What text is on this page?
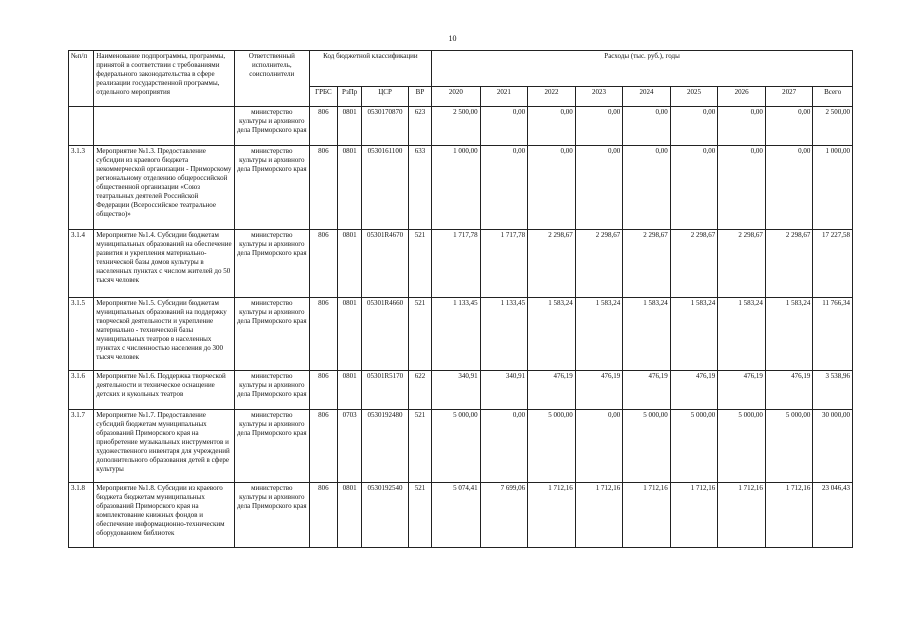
10
№п/п	Наименование подпрограммы, программы, принятой в соответствии с требованиями федерального законодательства в сфере реализации государственной программы, отдельного мероприятия	Ответственный исполнитель, соисполнители	Код бюджетной классификации				Расходы (тыс. руб.), годы								
			ГРБС	РзПр	ЦСР	ВР	2020	2021	2022	2023	2024	2025	2026	2027	Всего
		министерство культуры и архивного дела Приморского края	806	0801	0530170870	623	2 500,00	0,00	0,00	0,00	0,00	0,00	0,00	0,00	2 500,00
3.1.3	Мероприятие №1.3. Предоставление субсидии из краевого бюджета некоммерческой организации - Приморскому региональному отделению общероссийской общественной организации «Союз театральных деятелей Российской Федерации (Всероссийское театральное общество)»	министерство культуры и архивного дела Приморского края	806	0801	0530161100	633	1 000,00	0,00	0,00	0,00	0,00	0,00	0,00	0,00	1 000,00
3.1.4	Мероприятие №1.4. Субсидии бюджетам муниципальных образований на обеспечение развития и укрепления материально-технической базы домов культуры в населенных пунктах с числом жителей до 50 тысяч человек	министерство культуры и архивного дела Приморского края	806	0801	05301R4670	521	1 717,78	1 717,78	2 298,67	2 298,67	2 298,67	2 298,67	2 298,67	2 298,67	17 227,58
3.1.5	Мероприятие №1.5. Субсидии бюджетам муниципальных образований на поддержку творческой деятельности и укрепление материально - технической базы муниципальных театров в населенных пунктах с численностью населения до 300 тысяч человек	министерство культуры и архивного дела Приморского края	806	0801	05301R4660	521	1 133,45	1 133,45	1 583,24	1 583,24	1 583,24	1 583,24	1 583,24	1 583,24	11 766,34
3.1.6	Мероприятие №1.6. Поддержка творческой деятельности и техническое оснащение детских и кукольных театров	министерство культуры и архивного дела Приморского края	806	0801	05301R5170	622	340,91	340,91	476,19	476,19	476,19	476,19	476,19	476,19	3 538,96
3.1.7	Мероприятие №1.7. Предоставление субсидий бюджетам муниципальных образований Приморского края на приобретение музыкальных инструментов и художественного инвентаря для учреждений дополнительного образования детей в сфере культуры	министерство культуры и архивного дела Приморского края	806	0703	0530192480	521	5 000,00	0,00	5 000,00	0,00	5 000,00	5 000,00	5 000,00	5 000,00	30 000,00
3.1.8	Мероприятие №1.8. Субсидии из краевого бюджета бюджетам муниципальных образований Приморского края на комплектование книжных фондов и обеспечение информационно-техническим оборудованием библиотек	министерство культуры и архивного дела Приморского края	806	0801	0530192540	521	5 074,41	7 699,06	1 712,16	1 712,16	1 712,16	1 712,16	1 712,16	1 712,16	23 046,43
